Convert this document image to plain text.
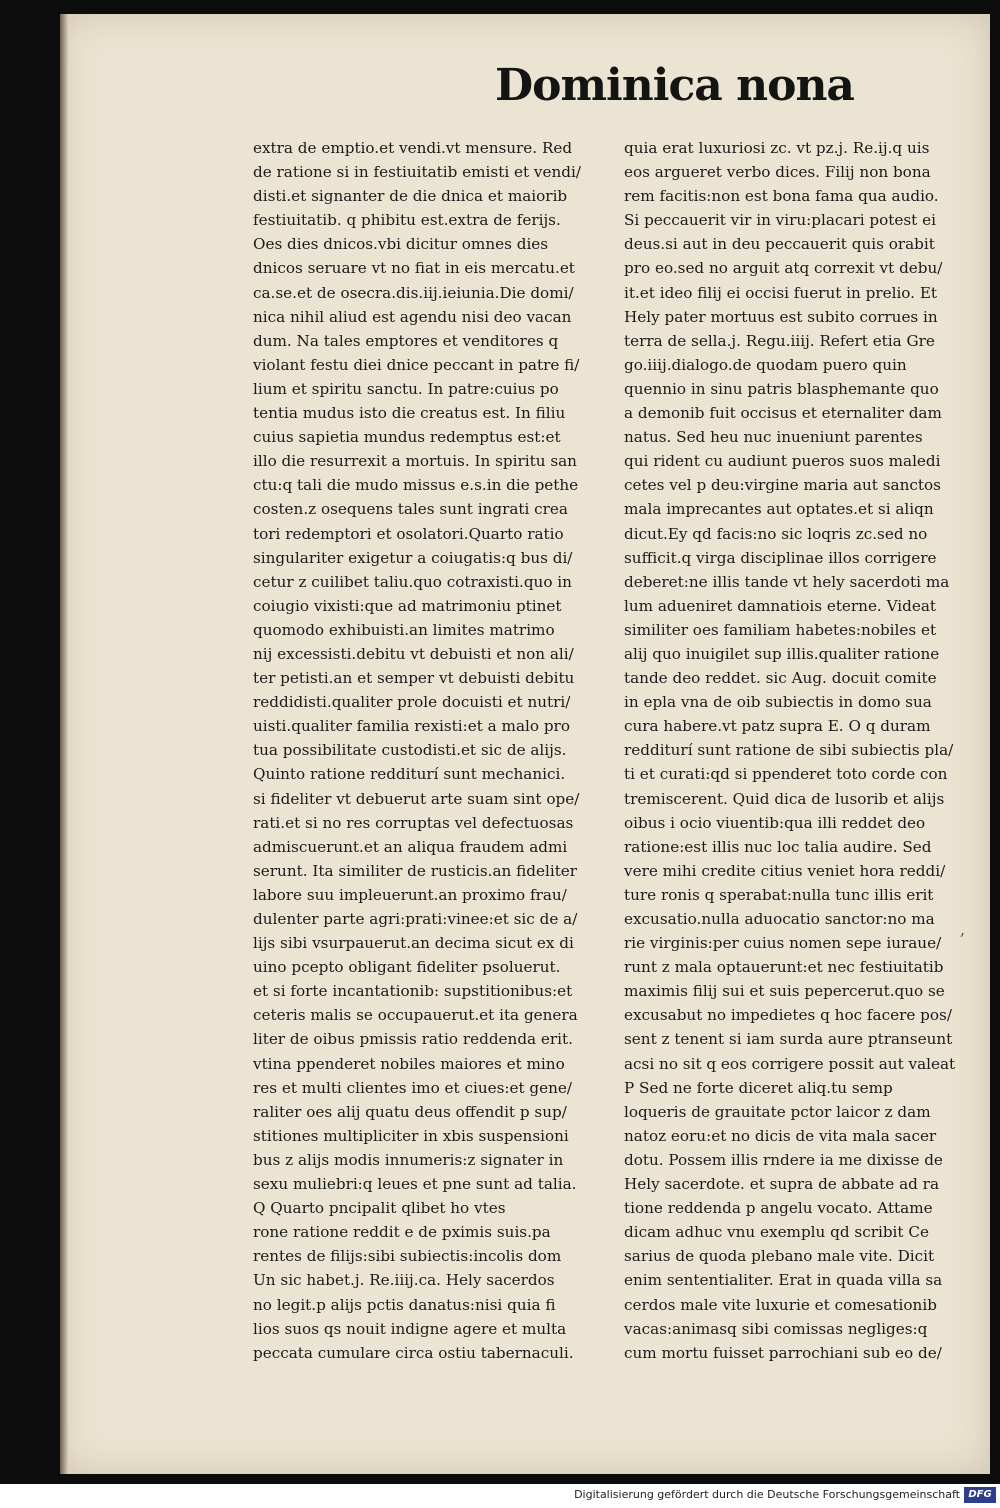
Dominica nona
extra de emptio.et vendi.vt mensure. Red
de ratione si in festiuitatib emisti et vendi/
disti.et signanter de die dnica et maiorib
festiuitatib. q phibitu est.extra de ferijs.
Oes dies dnicos.vbi dicitur omnes dies
dnicos seruare vt no fiat in eis mercatu.et
ca.se.et de osecra.dis.iij.ieiunia.Die domi/
nica nihil aliud est agendu nisi deo vacan
dum. Na tales emptores et venditores q
violant festu diei dnice peccant in patre fi/
lium et spiritu sanctu. In patre:cuius po
tentia mudus isto die creatus est. In filiu
cuius sapietia mundus redemptus est:et
illo die resurrexit a mortuis. In spiritu san
ctu:q tali die mudo missus e.s.in die pethe
costen.z osequens tales sunt ingrati crea
tori redemptori et osolatori.Quarto ratio
singulariter exigetur a coiugatis:q bus di/
cetur z cuilibet taliu.quo cotraxisti.quo in
coiugio vixisti:que ad matrimoniu ptinet
quomodo exhibuisti.an limites matrimo
nij excessisti.debitu vt debuisti et non ali/
ter petisti.an et semper vt debuisti debitu
reddidisti.qualiter prole docuisti et nutri/
uisti.qualiter familia rexisti:et a malo pro
tua possibilitate custodisti.et sic de alijs.
Quinto ratione redditurí sunt mechanici.
si fideliter vt debuerut arte suam sint ope/
rati.et si no res corruptas vel defectuosas
admiscuerunt.et an aliqua fraudem admi
serunt. Ita similiter de rusticis.an fideliter
labore suu impleuerunt.an proximo frau/
dulenter parte agri:prati:vinee:et sic de a/
lijs sibi vsurpauerut.an decima sicut ex di
uino pcepto obligant fideliter psoluerut.
et si forte incantationib: supstitionibus:et
ceteris malis se occupauerut.et ita genera
liter de oibus pmissis ratio reddenda erit.
vtina ppenderet nobiles maiores et mino
res et multi clientes imo et ciues:et gene/
raliter oes alij quatu deus offendit p sup/
stitiones multipliciter in xbis suspensioni
bus z alijs modis innumeris:z signater in
sexu muliebri:q leues et pne sunt ad talia.
Q Quarto pncipalit qlibet ho vtes
rone ratione reddit e de pximis suis.pa
rentes de filijs:sibi subiectis:incolis dom
Un sic habet.j. Re.iiij.ca. Hely sacerdos
no legit.p alijs pctis danatus:nisi quia fi
lios suos qs nouit indigne agere et multa
peccata cumulare circa ostiu tabernaculi.
quia erat luxuriosi zc. vt pz.j. Re.ij.q uis
eos argueret verbo dices. Filij non bona
rem facitis:non est bona fama qua audio.
Si peccauerit vir in viru:placari potest ei
deus.si aut in deu peccauerit quis orabit
pro eo.sed no arguit atq correxit vt debu/
it.et ideo filij ei occisi fuerut in prelio. Et
Hely pater mortuus est subito corrues in
terra de sella.j. Regu.iiij. Refert etia Gre
go.iiij.dialogo.de quodam puero quin
quennio in sinu patris blasphemante quo
a demonib fuit occisus et eternaliter dam
natus. Sed heu nuc inueniunt parentes
qui rident cu audiunt pueros suos maledi
cetes vel p deu:virgine maria aut sanctos
mala imprecantes aut optates.et si aliqn
dicut.Ey qd facis:no sic loqris zc.sed no
sufficit.q virga disciplinae illos corrigere
deberet:ne illis tande vt hely sacerdoti ma
lum adueniret damnatiois eterne. Videat
similiter oes familiam habetes:nobiles et
alij quo inuigilet sup illis.qualiter ratione
tande deo reddet. sic Aug. docuit comite
in epla vna de oib subiectis in domo sua
cura habere.vt patz supra E. O q duram
redditurí sunt ratione de sibi subiectis pla/
ti et curati:qd si ppenderet toto corde con
tremiscerent. Quid dica de lusorib et alijs
oibus i ocio viuentib:qua illi reddet deo
ratione:est illis nuc loc talia audire. Sed
vere mihi credite citius veniet hora reddi/
ture ronis q sperabat:nulla tunc illis erit
excusatio.nulla aduocatio sanctor:no ma
rie virginis:per cuius nomen sepe iuraue/
runt z mala optauerunt:et nec festiuitatib
maximis filij sui et suis pepercerut.quo se
excusabut no impedietes q hoc facere pos/
sent z tenent si iam surda aure ptranseunt
acsi no sit q eos corrigere possit aut valeat
P Sed ne forte diceret aliq.tu semp
loqueris de grauitate pctor laicor z dam
natoz eoru:et no dicis de vita mala sacer
dotu. Possem illis rndere ia me dixisse de
Hely sacerdote. et supra de abbate ad ra
tione reddenda p angelu vocato. Attame
dicam adhuc vnu exemplu qd scribit Ce
sarius de quoda plebano male vite. Dicit
enim sententialiter. Erat in quada villa sa
cerdos male vite luxurie et comesationib
vacas:animasq sibi comissas negliges:q
cum mortu fuisset parrochiani sub eo de/
,
Digitalisierung gefördert durch die Deutsche Forschungsgemeinschaft DFG
